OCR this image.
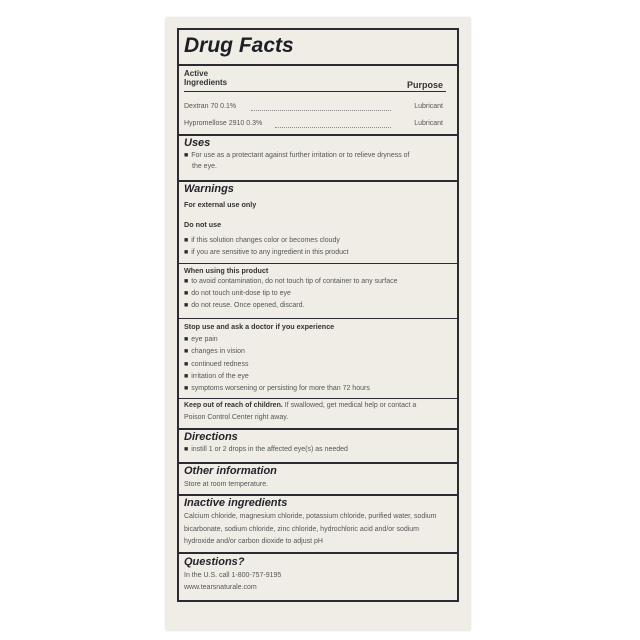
Drug Facts
Active
Ingredients	Purpose
Dextran 70 0.1%	Lubricant
Hypromellose 2910 0.3%	Lubricant
Uses
■ For use as a protectant against further irritation or to relieve dryness of
the eye.
Warnings
For external use only
Do not use
■ if this solution changes color or becomes cloudy
■ if you are sensitive to any ingredient in this product
When using this product
■ to avoid contamination, do not touch tip of container to any surface
■ do not touch unit-dose tip to eye
■ do not reuse. Once opened, discard.
Stop use and ask a doctor if you experience
■ eye pain
■ changes in vision
■ continued redness
■ irritation of the eye
■ symptoms worsening or persisting for more than 72 hours
Keep out of reach of children. If swallowed, get medical help or contact a
Poison Control Center right away.
Directions
■ instill 1 or 2 drops in the affected eye(s) as needed
Other information
Store at room temperature.
Inactive ingredients
Calcium chloride, magnesium chloride, potassium chloride, purified water, sodium
bicarbonate, sodium chloride, zinc chloride, hydrochloric acid and/or sodium
hydroxide and/or carbon dioxide to adjust pH
Questions?
In the U.S. call 1-800-757-9195
www.tearsnaturale.com
